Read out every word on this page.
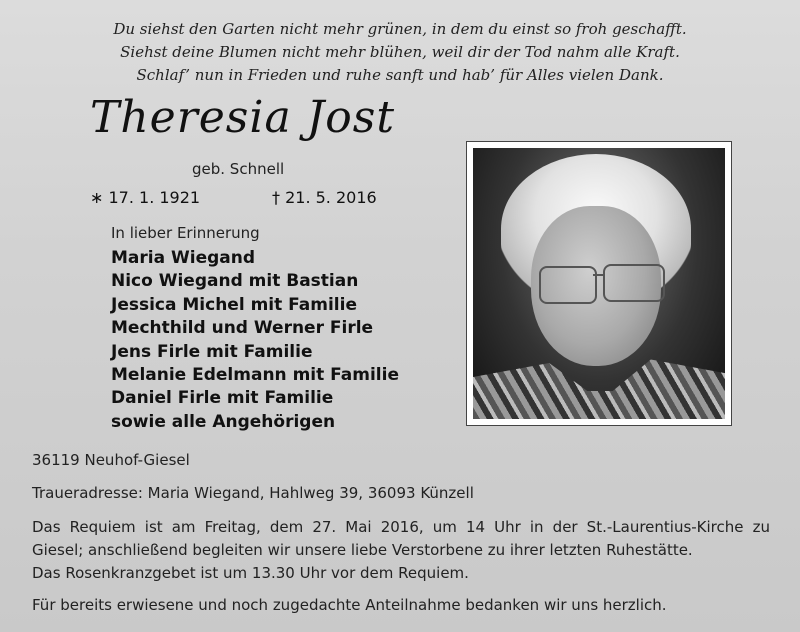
Du siehst den Garten nicht mehr grünen, in dem du einst so froh geschafft.
Siehst deine Blumen nicht mehr blühen, weil dir der Tod nahm alle Kraft.
Schlaf’ nun in Frieden und ruhe sanft und hab’ für Alles vielen Dank.
Theresia Jost
geb. Schnell
∗ 17. 1. 1921	† 21. 5. 2016
In lieber Erinnerung
Maria Wiegand
Nico Wiegand mit Bastian
Jessica Michel mit Familie
Mechthild und Werner Firle
Jens Firle mit Familie
Melanie Edelmann mit Familie
Daniel Firle mit Familie
sowie alle Angehörigen
36119 Neuhof-Giesel
Traueradresse: Maria Wiegand, Hahlweg 39, 36093 Künzell
Das Requiem ist am Freitag, dem 27. Mai 2016, um 14 Uhr in der St.-Laurentius-Kirche zu
Giesel; anschließend begleiten wir unsere liebe Verstorbene zu ihrer letzten Ruhestätte.
Das Rosenkranzgebet ist um 13.30 Uhr vor dem Requiem.
Für bereits erwiesene und noch zugedachte Anteilnahme bedanken wir uns herzlich.
